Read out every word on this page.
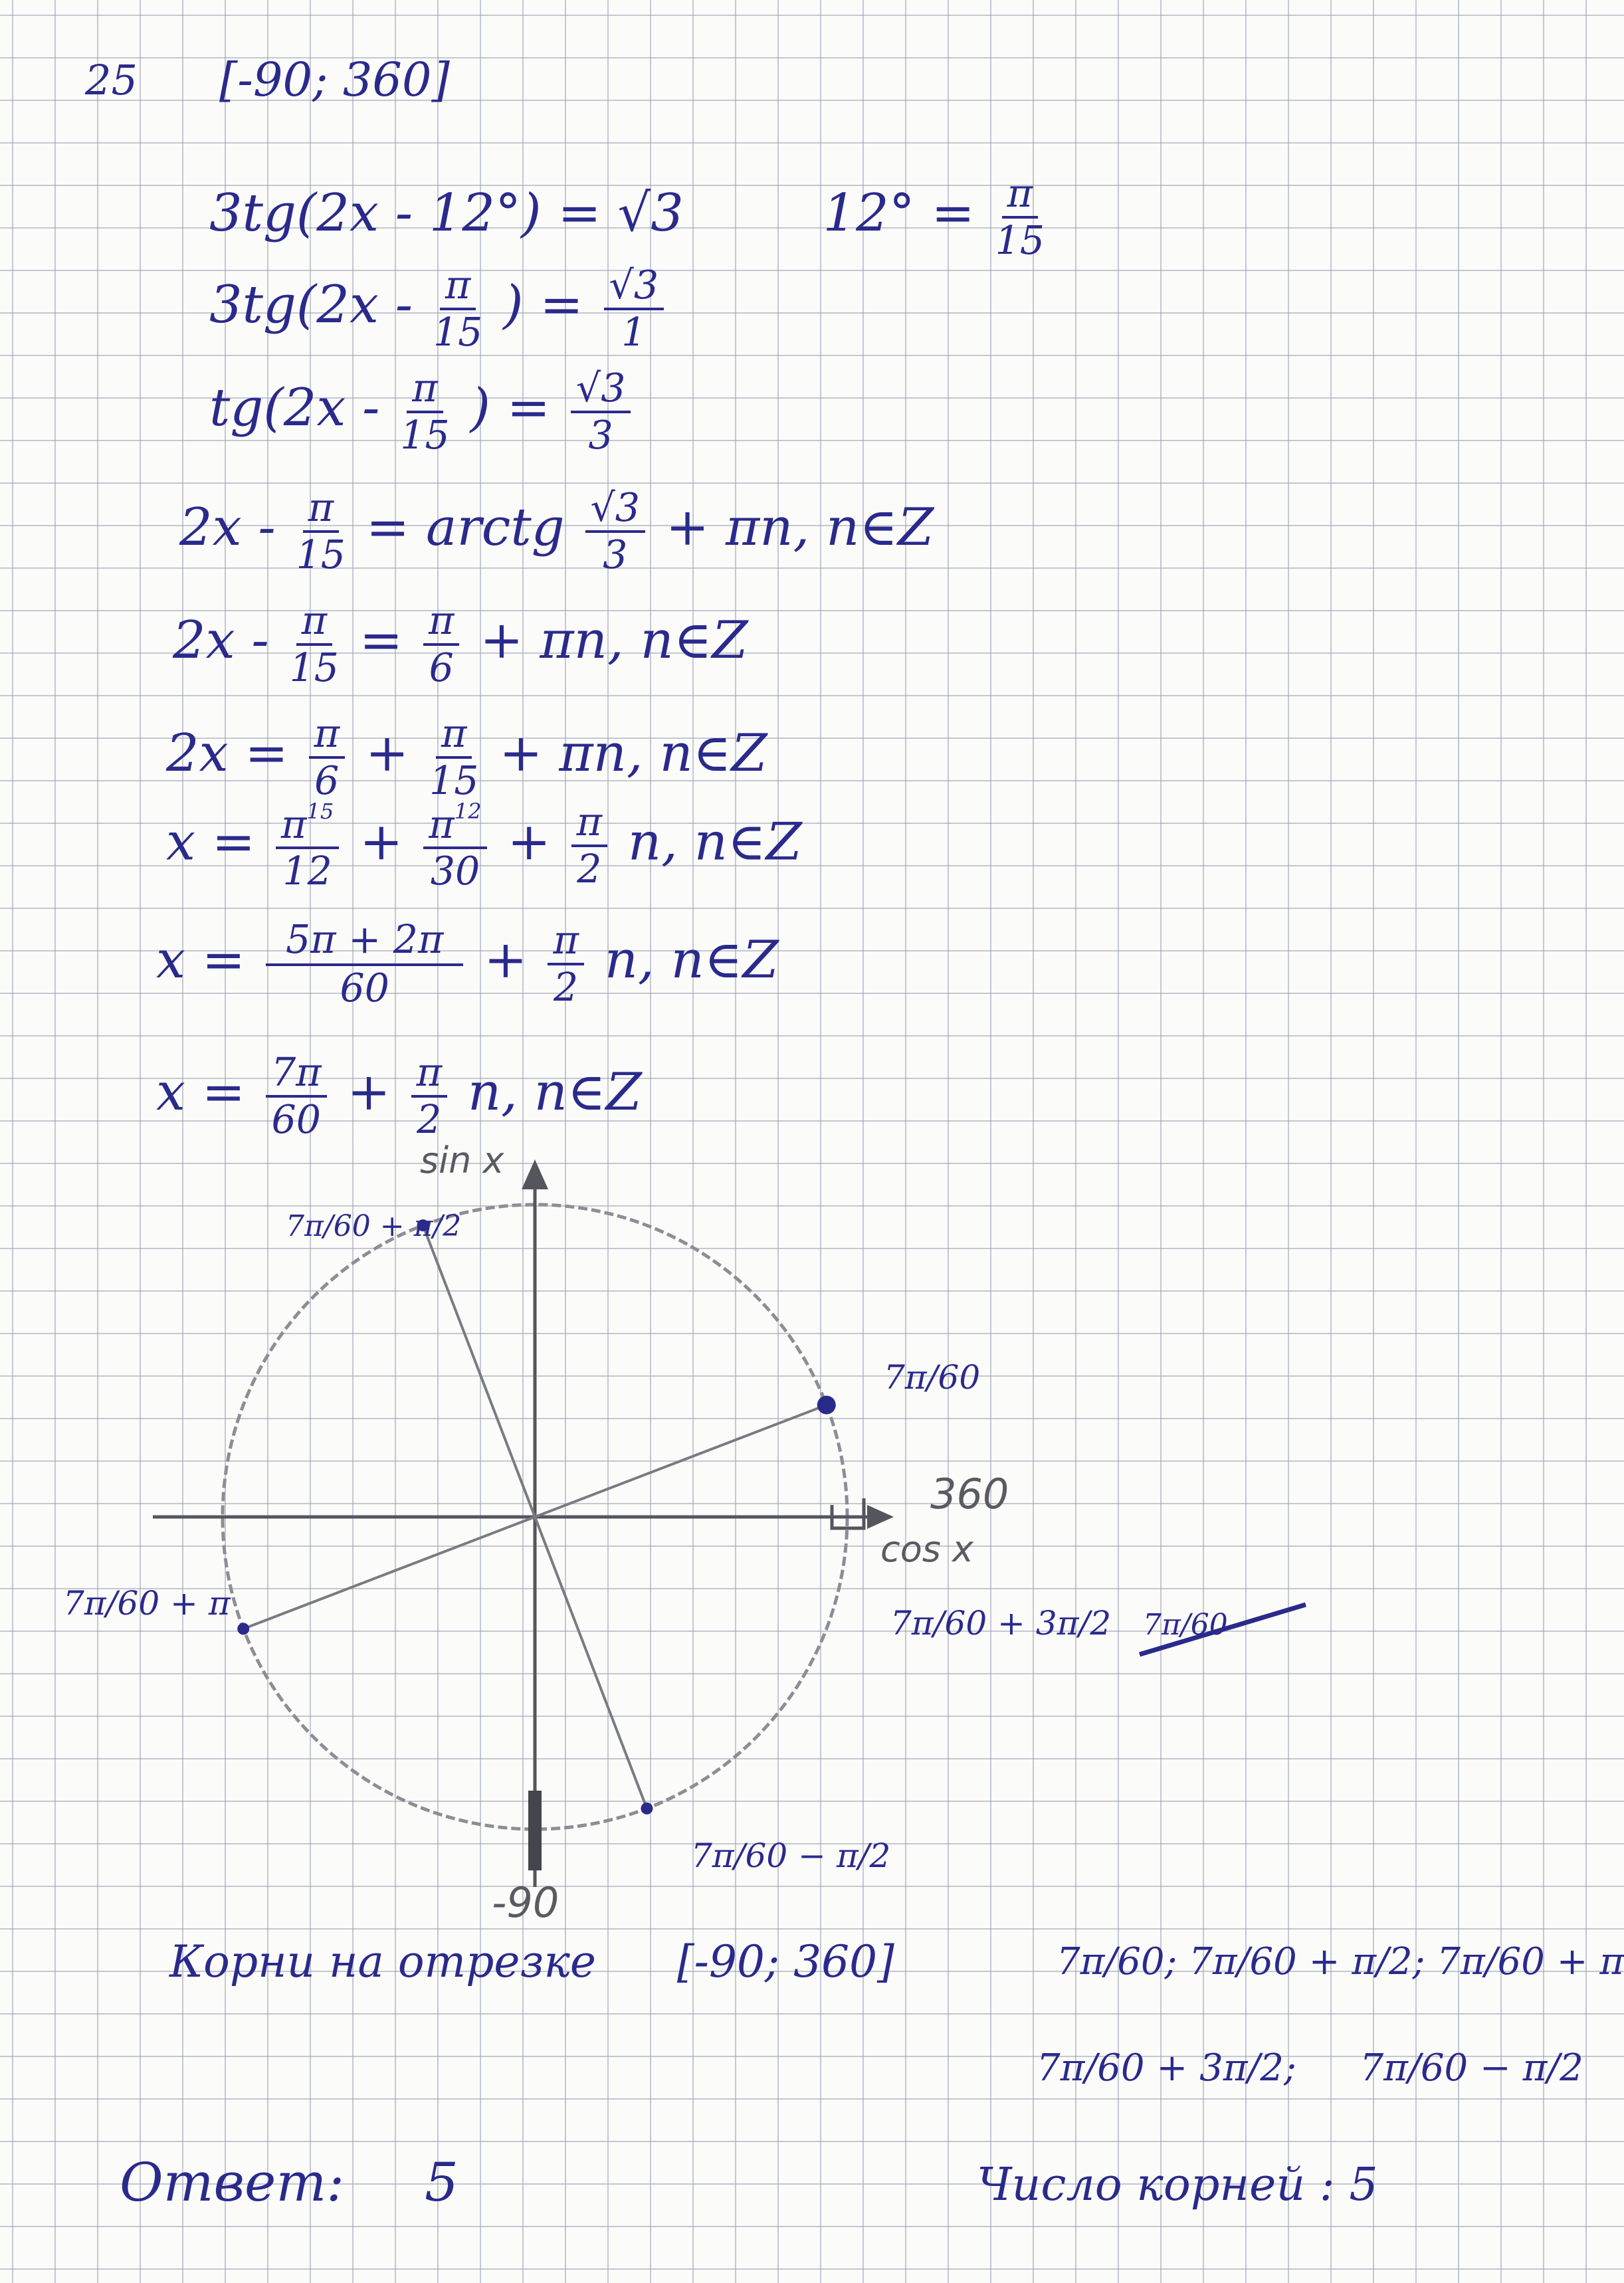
25 [-90; 360]
3tg(2x - 12°) = √3	$12^\circ = \frac{\pi}{15}$
$3tg(2x - \frac{\pi}{15}$ ) = $\frac{√3}{1}$
$tg(2x - \frac{\pi}{15}$ ) = $\frac{√3}{3}$
$2x - \frac{\pi}{15}$ = arctg $\frac{√3}{3} + \pi n$, n∈Z
$2x - \frac{\pi}{15} = \frac{\pi}{6} + \pi n$, n∈Z
$2x = \frac{\pi}{6} + \frac{\pi}{15} + \pi n$, n∈Z
$x = \frac{\pi^{15}}{12} + \frac{\pi^{12}}{30} + \frac{\pi}{2} n$, n∈Z
$x = \frac{5\pi + 2\pi}{60} + \frac{\pi}{2} n$, n∈Z
$x = \frac{7\pi}{60} + \frac{\pi}{2} n$, n∈Z
sin x
cos x
360
-90
7π/60
7π/60 + π/2
7π/60 + π
7π/60 + 3π/2 7π/60
7π/60 − π/2
Корни на отрезке [-90; 360]	7π/60; 7π/60 + π/2; 7π/60 + π
7π/60 + 3π/2; 7π/60 − π/2
Ответ: 5	Число корней : 5
